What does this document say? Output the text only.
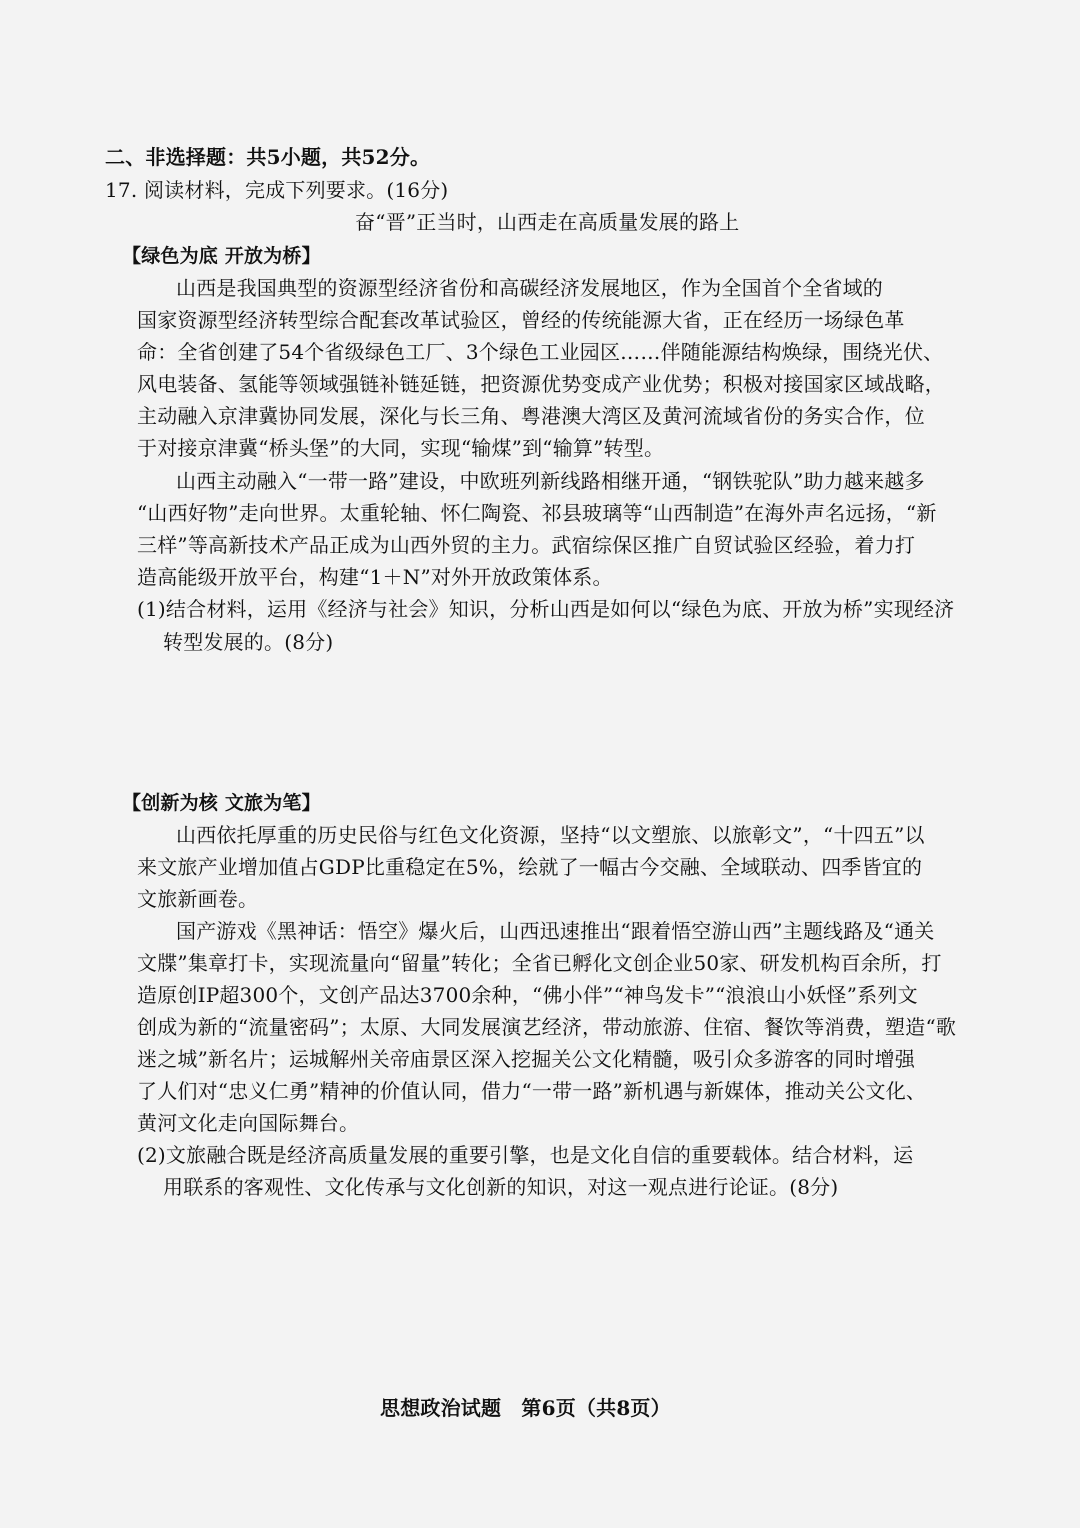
二、非选择题：共5小题，共52分。
17. 阅读材料，完成下列要求。(16分)
奋“晋”正当时，山西走在高质量发展的路上
【绿色为底 开放为桥】
山西是我国典型的资源型经济省份和高碳经济发展地区，作为全国首个全省域的
国家资源型经济转型综合配套改革试验区，曾经的传统能源大省，正在经历一场绿色革
命：全省创建了54个省级绿色工厂、3个绿色工业园区……伴随能源结构焕绿，围绕光伏、
风电装备、氢能等领域强链补链延链，把资源优势变成产业优势；积极对接国家区域战略，
主动融入京津冀协同发展，深化与长三角、粤港澳大湾区及黄河流域省份的务实合作，位
于对接京津冀“桥头堡”的大同，实现“输煤”到“输算”转型。
山西主动融入“一带一路”建设，中欧班列新线路相继开通，“钢铁驼队”助力越来越多
“山西好物”走向世界。太重轮轴、怀仁陶瓷、祁县玻璃等“山西制造”在海外声名远扬，“新
三样”等高新技术产品正成为山西外贸的主力。武宿综保区推广自贸试验区经验，着力打
造高能级开放平台，构建“1＋N”对外开放政策体系。
(1)结合材料，运用《经济与社会》知识，分析山西是如何以“绿色为底、开放为桥”实现经济
转型发展的。(8分)
【创新为核 文旅为笔】
山西依托厚重的历史民俗与红色文化资源，坚持“以文塑旅、以旅彰文”，“十四五”以
来文旅产业增加值占GDP比重稳定在5%，绘就了一幅古今交融、全域联动、四季皆宜的
文旅新画卷。
国产游戏《黑神话：悟空》爆火后，山西迅速推出“跟着悟空游山西”主题线路及“通关
文牒”集章打卡，实现流量向“留量”转化；全省已孵化文创企业50家、研发机构百余所，打
造原创IP超300个，文创产品达3700余种，“佛小伴”“神鸟发卡”“浪浪山小妖怪”系列文
创成为新的“流量密码”；太原、大同发展演艺经济，带动旅游、住宿、餐饮等消费，塑造“歌
迷之城”新名片；运城解州关帝庙景区深入挖掘关公文化精髓，吸引众多游客的同时增强
了人们对“忠义仁勇”精神的价值认同，借力“一带一路”新机遇与新媒体，推动关公文化、
黄河文化走向国际舞台。
(2)文旅融合既是经济高质量发展的重要引擎，也是文化自信的重要载体。结合材料，运
用联系的客观性、文化传承与文化创新的知识，对这一观点进行论证。(8分)
思想政治试题　第6页（共8页）
